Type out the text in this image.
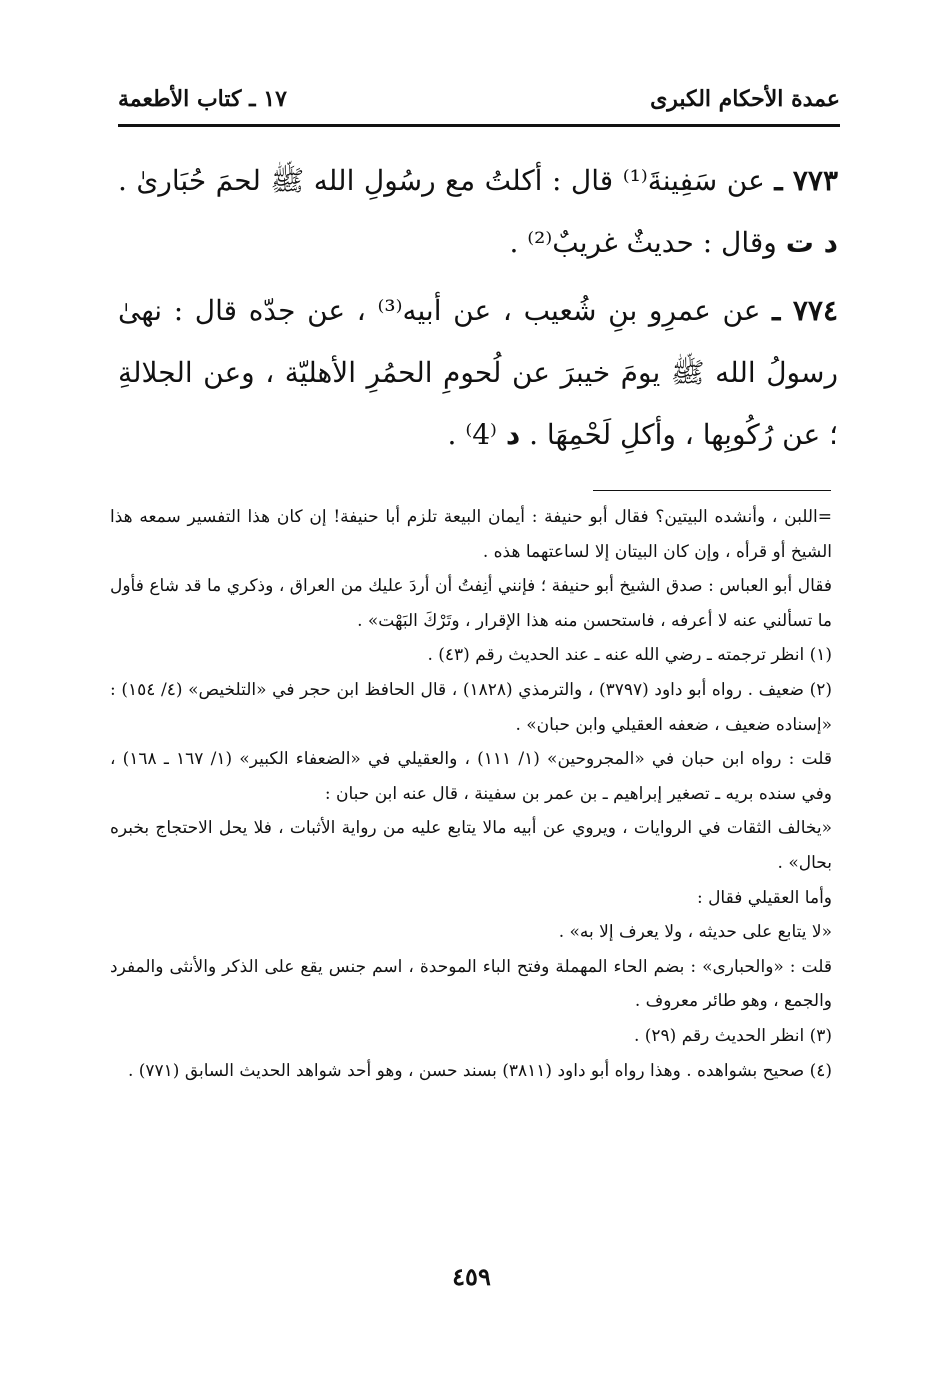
عمدة الأحكام الكبرى
١٧ ـ كتاب الأطعمة

٧٧٣ ـ عن سَفِينةَ⁽¹⁾ قال : أكلتُ مع رسُولِ الله ﷺ لحمَ حُبَارىٰ . د ت وقال : حديثٌ غريبٌ⁽²⁾ .

٧٧٤ ـ عن عمرِو بنِ شُعيب ، عن أبيه⁽³⁾ ، عن جدّه قال : نهىٰ رسولُ الله ﷺ يومَ خيبرَ عن لُحومِ الحمُرِ الأهليّة ، وعن الجلالةِ ؛ عن رُكُوبِها ، وأكلِ لَحْمِهَا . د ⁽4⁾ .

=اللبن ، وأنشده البيتين؟ فقال أبو حنيفة : أيمان البيعة تلزم أبا حنيفة! إن كان هذا التفسير سمعه هذا الشيخ أو قرأه ، وإن كان البيتان إلا لساعتهما هذه .

فقال أبو العباس : صدق الشيخ أبو حنيفة ؛ فإنني أنِفتُ أن أردَ عليك من العراق ، وذكري ما قد شاع فأول ما تسألني عنه لا أعرفه ، فاستحسن منه هذا الإقرار ، وتَرْكَ البَهْت» .

(١) انظر ترجمته ـ رضي الله عنه ـ عند الحديث رقم (٤٣) .

(٢) ضعيف . رواه أبو داود (٣٧٩٧) ، والترمذي (١٨٢٨) ، قال الحافظ ابن حجر في «التلخيص» (٤/ ١٥٤) : «إسناده ضعيف ، ضعفه العقيلي وابن حبان» .

قلت : رواه ابن حبان في «المجروحين» (١/ ١١١) ، والعقيلي في «الضعفاء الكبير» (١/ ١٦٧ ـ ١٦٨) ، وفي سنده بريه ـ تصغير إبراهيم ـ بن عمر بن سفينة ، قال عنه ابن حبان :

«يخالف الثقات في الروايات ، ويروي عن أبيه مالا يتابع عليه من رواية الأثبات ، فلا يحل الاحتجاج بخبره بحال» .

وأما العقيلي فقال :

«لا يتابع على حديثه ، ولا يعرف إلا به» .

قلت : «والحبارى» : بضم الحاء المهملة وفتح الباء الموحدة ، اسم جنس يقع على الذكر والأنثى والمفرد والجمع ، وهو طائر معروف .

(٣) انظر الحديث رقم (٢٩) .

(٤) صحيح بشواهده . وهذا رواه أبو داود (٣٨١١) بسند حسن ، وهو أحد شواهد الحديث السابق (٧٧١) .

٤٥٩
